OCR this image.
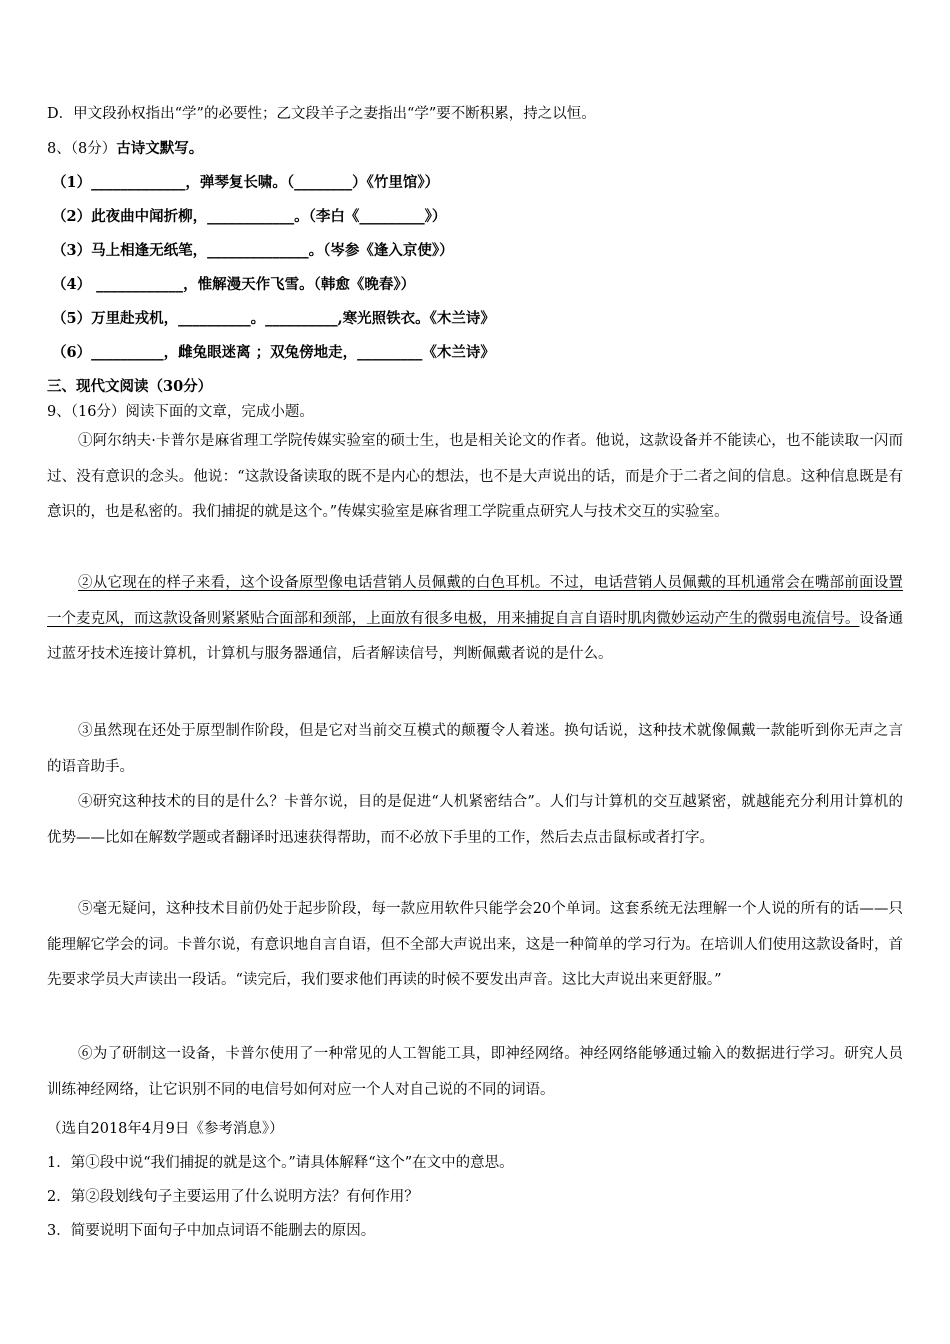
D．甲文段孙权指出“学”的必要性；乙文段羊子之妻指出“学”要不断积累，持之以恒。
8、（8分）古诗文默写。
（1）_____________，弹琴复长啸。（________）《竹里馆》）
（2）此夜曲中闻折柳，____________。（李白《_________》）
（3）马上相逢无纸笔，______________。（岑参《逢入京使》）
（4） ____________，惟解漫天作飞雪。（韩愈《晚春》）
（5）万里赴戎机，__________。__________,寒光照铁衣。《木兰诗》
（6）__________，雌兔眼迷离 ；双兔傍地走，_________《木兰诗》
三、现代文阅读（30分）
9、（16分）阅读下面的文章，完成小题。
①阿尔纳夫·卡普尔是麻省理工学院传媒实验室的硕士生，也是相关论文的作者。他说，这款设备并不能读心，也不能读取一闪而过、没有意识的念头。他说：“这款设备读取的既不是内心的想法，也不是大声说出的话，而是介于二者之间的信息。这种信息既是有意识的，也是私密的。我们捕捉的就是这个。”传媒实验室是麻省理工学院重点研究人与技术交互的实验室。
②从它现在的样子来看，这个设备原型像电话营销人员佩戴的白色耳机。不过，电话营销人员佩戴的耳机通常会在嘴部前面设置一个麦克风，而这款设备则紧紧贴合面部和颈部，上面放有很多电极，用来捕捉自言自语时肌肉微妙运动产生的微弱电流信号。设备通过蓝牙技术连接计算机，计算机与服务器通信，后者解读信号，判断佩戴者说的是什么。
③虽然现在还处于原型制作阶段，但是它对当前交互模式的颠覆令人着迷。换句话说，这种技术就像佩戴一款能听到你无声之言的语音助手。
④研究这种技术的目的是什么？卡普尔说，目的是促进“人机紧密结合”。人们与计算机的交互越紧密，就越能充分利用计算机的优势——比如在解数学题或者翻译时迅速获得帮助，而不必放下手里的工作，然后去点击鼠标或者打字。
⑤毫无疑问，这种技术目前仍处于起步阶段，每一款应用软件只能学会20个单词。这套系统无法理解一个人说的所有的话——只能理解它学会的词。卡普尔说，有意识地自言自语，但不全部大声说出来，这是一种简单的学习行为。在培训人们使用这款设备时，首先要求学员大声读出一段话。“读完后，我们要求他们再读的时候不要发出声音。这比大声说出来更舒服。”
⑥为了研制这一设备，卡普尔使用了一种常见的人工智能工具，即神经网络。神经网络能够通过输入的数据进行学习。研究人员训练神经网络，让它识别不同的电信号如何对应一个人对自己说的不同的词语。
（选自2018年4月9日《参考消息》）
1．第①段中说“我们捕捉的就是这个。”请具体解释“这个”在文中的意思。
2．第②段划线句子主要运用了什么说明方法？有何作用？
3．简要说明下面句子中加点词语不能删去的原因。
